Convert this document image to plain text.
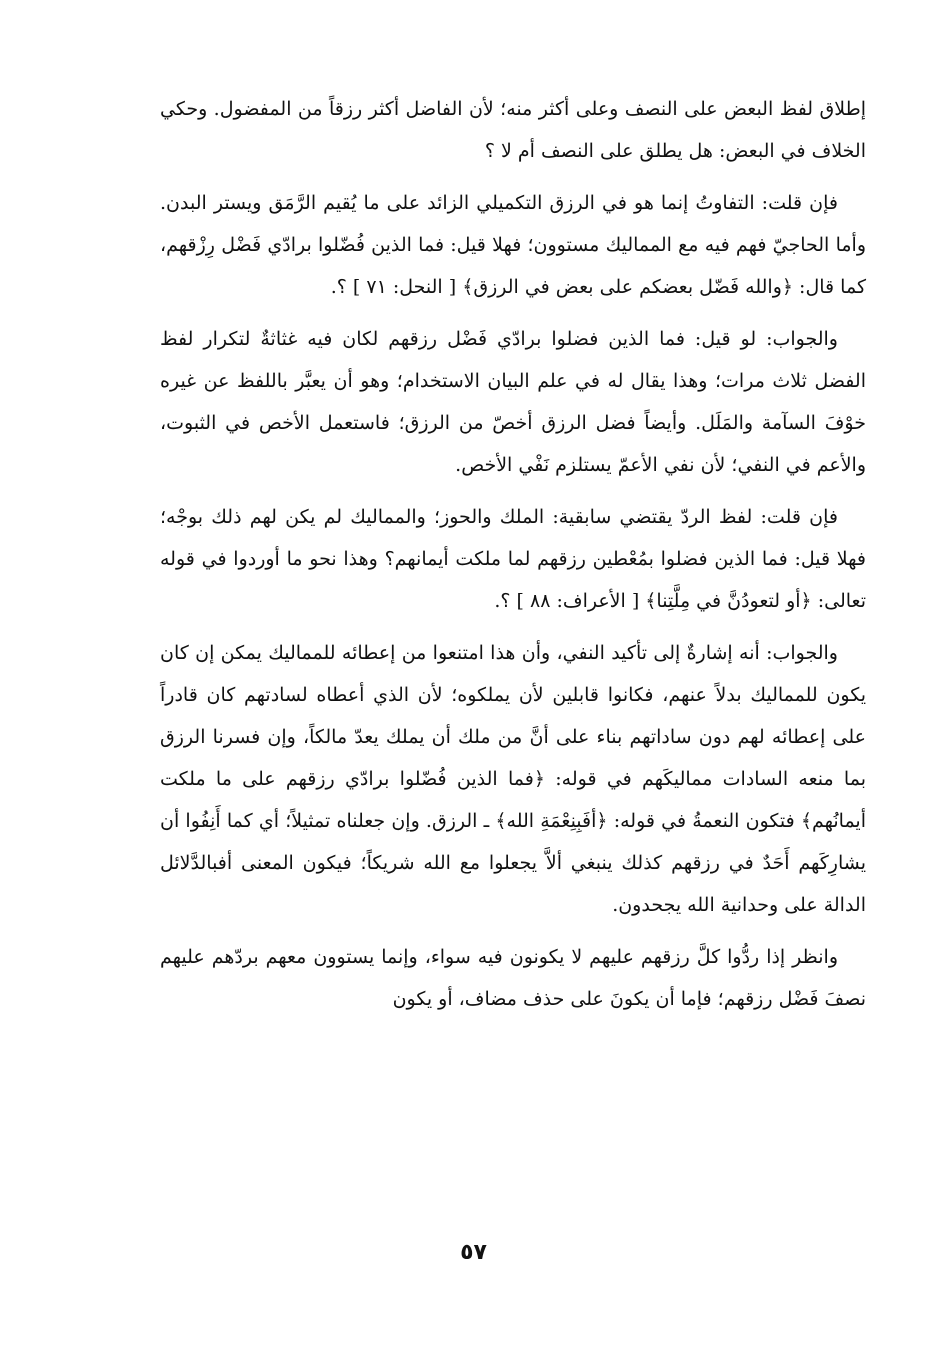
إطلاق لفظ البعض على النصف وعلى أكثر منه؛ لأن الفاضل أكثر رزقاً من المفضول. وحكي الخلاف في البعض: هل يطلق على النصف أم لا ؟

فإن قلت: التفاوتُ إنما هو في الرزق التكميلي الزائد على ما يُقيم الرَّمَق ويستر البدن. وأما الحاجيّ فهم فيه مع المماليك مستوون؛ فهلا قيل: فما الذين فُضّلوا برادّي فَضْل رِزْقهم، كما قال: ﴿والله فَضّل بعضكم على بعض في الرزق﴾ [ النحل: ٧١ ] ؟.

والجواب: لو قيل: فما الذين فضلوا برادّي فَضْل رزقهم لكان فيه غثاثةٌ لتكرار لفظ الفضل ثلاث مرات؛ وهذا يقال له في علم البيان الاستخدام؛ وهو أن يعبَّر باللفظ عن غيره خوْفَ السآمة والمَلَل. وأيضاً فضل الرزق أخصّ من الرزق؛ فاستعمل الأخص في الثبوت، والأعم في النفي؛ لأن نفي الأعمّ يستلزم نَفْي الأخص.

فإن قلت: لفظ الردّ يقتضي سابقية: الملك والحوز؛ والمماليك لم يكن لهم ذلك بوجْه؛ فهلا قيل: فما الذين فضلوا بمُعْطين رزقهم لما ملكت أيمانهم؟ وهذا نحو ما أوردوا في قوله تعالى: ﴿أو لتعودُنَّ في مِلَّتِنا﴾ [ الأعراف: ٨٨ ] ؟.

والجواب: أنه إشارةٌ إلى تأكيد النفي، وأن هذا امتنعوا من إعطائه للمماليك يمكن إن كان يكون للمماليك بدلاً عنهم، فكانوا قابلين لأن يملكوه؛ لأن الذي أعطاه لسادتهم كان قادراً على إعطائه لهم دون ساداتهم بناء على أنَّ من ملك أن يملك يعدّ مالكاً، وإن فسرنا الرزق بما منعه السادات مماليكَهم في قوله: ﴿فما الذين فُضّلوا برادّي رزقهم على ما ملكت أيمانُهم﴾ فتكون النعمةُ في قوله: ﴿أفَبِنِعْمَةِ الله﴾ ـ الرزق. وإن جعلناه تمثيلاً؛ أي كما أَنِفُوا أن يشارِكَهم أَحَدٌ في رزقهم كذلك ينبغي ألاَّ يجعلوا مع الله شريكاً؛ فيكون المعنى أفبالدَّلائل الدالة على وحدانية الله يجحدون.

وانظر إذا ردُّوا كلَّ رزقهم عليهم لا يكونون فيه سواء، وإنما يستوون معهم بردّهم عليهم نصفَ فَضْل رزقهم؛ فإما أن يكونَ على حذف مضاف، أو يكون

٥٧
